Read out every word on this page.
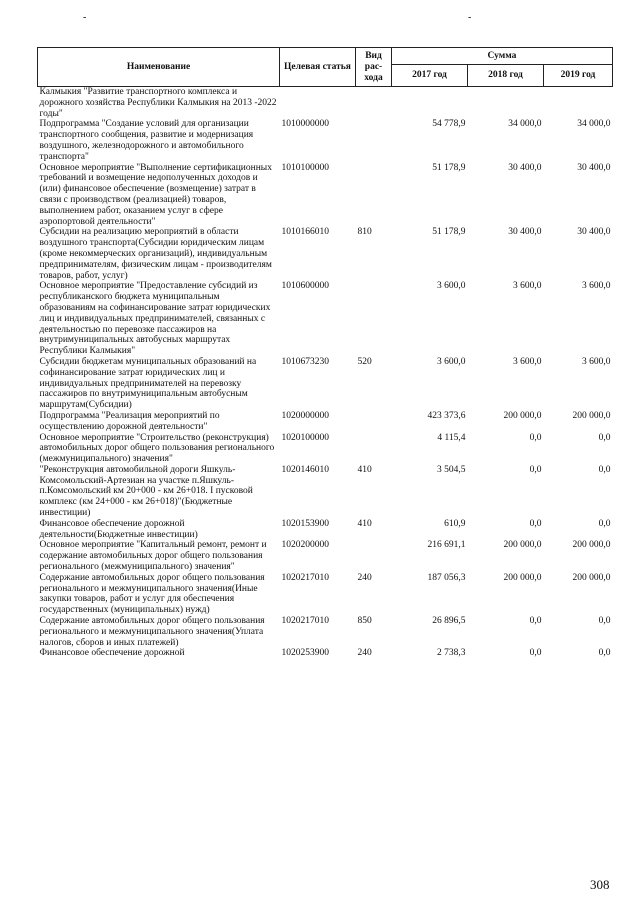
-	-
Наименование	Целевая статья	Вид рас-хода	Сумма		
			2017 год	2018 год	2019 год
Калмыкия "Развитие транспортного комплекса и дорожного хозяйства Республики Калмыкия на 2013 -2022 годы"					
Подпрограмма "Создание условий для организации транспортного сообщения, развитие и модернизация воздушного, железнодорожного и автомобильного транспорта"	1010000000		54 778,9	34 000,0	34 000,0
Основное мероприятие "Выполнение сертификационных требований и возмещение недополученных доходов и (или) финансовое обеспечение (возмещение) затрат в связи с производством (реализацией) товаров, выполнением работ, оказанием услуг в сфере аэропортовой деятельности"	1010100000		51 178,9	30 400,0	30 400,0
Субсидии на реализацию мероприятий в области воздушного транспорта(Субсидии юридическим лицам (кроме некоммерческих организаций), индивидуальным предпринимателям, физическим лицам - производителям товаров, работ, услуг)	1010166010	810	51 178,9	30 400,0	30 400,0
Основное мероприятие "Предоставление субсидий из республиканского бюджета муниципальным образованиям на софинансирование затрат юридических лиц и индивидуальных предпринимателей, связанных с деятельностью по перевозке пассажиров на внутримуниципальных автобусных маршрутах Республики Калмыкия"	1010600000		3 600,0	3 600,0	3 600,0
Субсидии бюджетам муниципальных образований на софинансирование затрат юридических лиц и индивидуальных предпринимателей на перевозку пассажиров по внутримуниципальным автобусным маршрутам(Субсидии)	1010673230	520	3 600,0	3 600,0	3 600,0
Подпрограмма "Реализация мероприятий по осуществлению дорожной деятельности"	1020000000		423 373,6	200 000,0	200 000,0
Основное мероприятие "Строительство (реконструкция) автомобильных дорог общего пользования регионального (межмуниципального) значения"	1020100000		4 115,4	0,0	0,0
"Реконструкция автомобильной дороги Яшкуль-Комсомольский-Артезиан на участке п.Яшкуль-п.Комсомольский км 20+000 - км 26+018. I пусковой комплекс (км 24+000 - км 26+018)"(Бюджетные инвестиции)	1020146010	410	3 504,5	0,0	0,0
Финансовое обеспечение дорожной деятельности(Бюджетные инвестиции)	1020153900	410	610,9	0,0	0,0
Основное мероприятие "Капитальный ремонт, ремонт и содержание автомобильных дорог общего пользования регионального (межмуниципального) значения"	1020200000		216 691,1	200 000,0	200 000,0
Содержание автомобильных дорог общего пользования регионального и межмуниципального значения(Иные закупки товаров, работ и услуг для обеспечения государственных (муниципальных) нужд)	1020217010	240	187 056,3	200 000,0	200 000,0
Содержание автомобильных дорог общего пользования регионального и межмуниципального значения(Уплата налогов, сборов и иных платежей)	1020217010	850	26 896,5	0,0	0,0
Финансовое обеспечение дорожной	1020253900	240	2 738,3	0,0	0,0
308
